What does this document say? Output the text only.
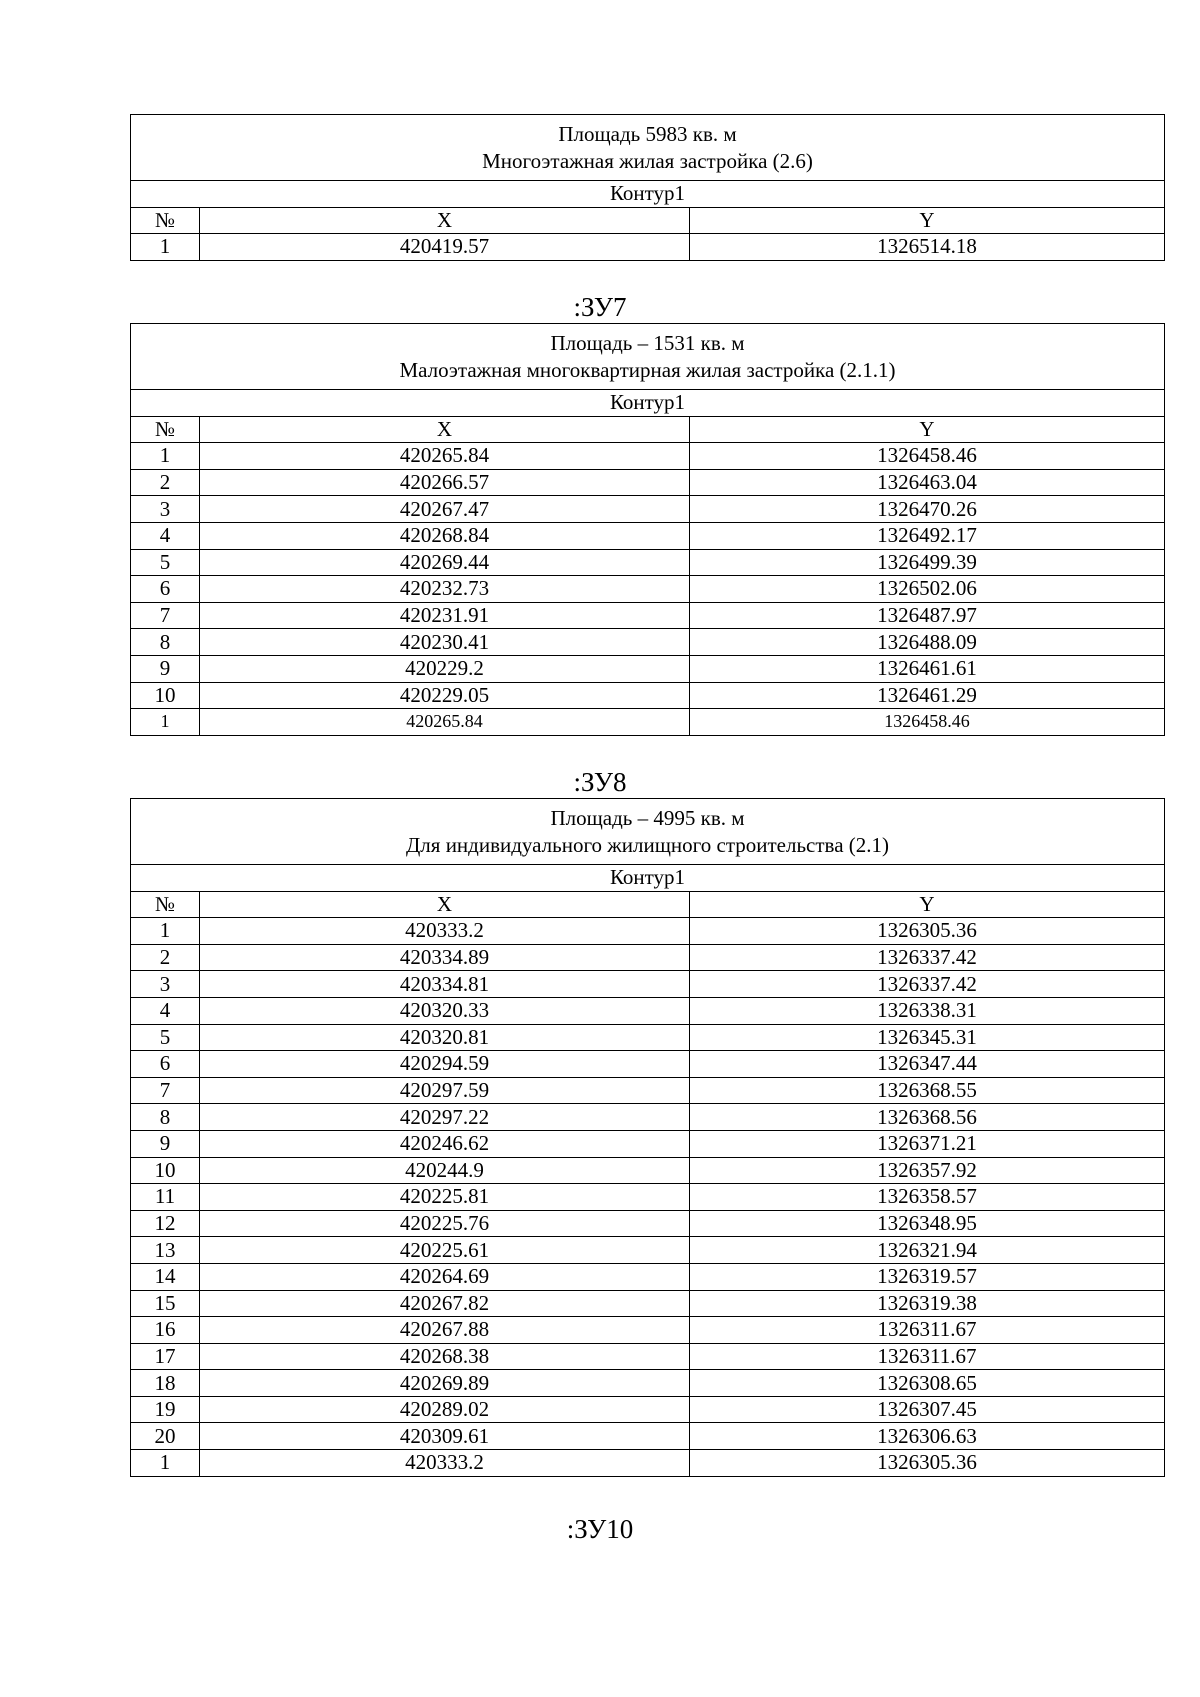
Площадь 5983 кв. м
Многоэтажная жилая застройка (2.6)		

Контур1		
№	X	Y
1	420419.57	1326514.18
:ЗУ7
Площадь – 1531 кв. м
Малоэтажная многоквартирная жилая застройка (2.1.1)		

Контур1		
№	X	Y
1	420265.84	1326458.46
2	420266.57	1326463.04
3	420267.47	1326470.26
4	420268.84	1326492.17
5	420269.44	1326499.39
6	420232.73	1326502.06
7	420231.91	1326487.97
8	420230.41	1326488.09
9	420229.2	1326461.61
10	420229.05	1326461.29
1	420265.84	1326458.46
:ЗУ8
Площадь – 4995 кв. м
Для индивидуального жилищного строительства (2.1)		

Контур1		
№	X	Y
1	420333.2	1326305.36
2	420334.89	1326337.42
3	420334.81	1326337.42
4	420320.33	1326338.31
5	420320.81	1326345.31
6	420294.59	1326347.44
7	420297.59	1326368.55
8	420297.22	1326368.56
9	420246.62	1326371.21
10	420244.9	1326357.92
11	420225.81	1326358.57
12	420225.76	1326348.95
13	420225.61	1326321.94
14	420264.69	1326319.57
15	420267.82	1326319.38
16	420267.88	1326311.67
17	420268.38	1326311.67
18	420269.89	1326308.65
19	420289.02	1326307.45
20	420309.61	1326306.63
1	420333.2	1326305.36
:ЗУ10
